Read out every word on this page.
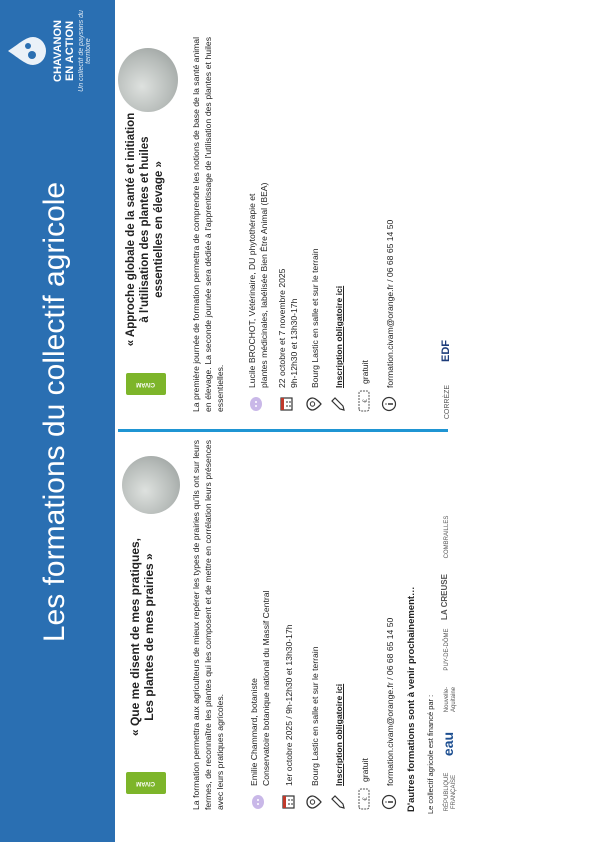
Les formations du collectif agricole
CHAVANON EN ACTION Un collectif de paysans du territoire
CIVAM
« Que me disent de mes pratiques, Les plantes de mes prairies »	La formation permettra aux agriculteurs de mieux repérer les types de prairies qu'ils ont sur leurs fermes, de reconnaître les plantes qui les composent et de mettre en corrélation leurs présences avec leurs pratiques agricoles.	Emilie Chammard, botaniste Conservatoire botanique national du Massif Central 1er octobre 2025 / 9h-12h30 et 13h30-17h Bourg Lastic en salle et sur le terrain Inscription obligatoire ici
€
gratuit formation.civam@orange.fr / 06 68 65 14 50
CIVAM
« Approche globale de la santé et initiation à l'utilisation des plantes et huiles essentielles en élevage »	La première journée de formation permettra de comprendre les notions de base de la santé animal en élevage. La seconde journée sera dédiée à l'apprentissage de l'utilisation des plantes et huiles essentielles.
Lucile BROCHOT, Vétérinaire, DU phytothérapie et plantes médicinales, labélisée Bien Être Animal (BEA) 22 octobre et 7 novembre 2025 9h-12h30 et 13h30-17h Bourg Lastic en salle et sur le terrain Inscription obligatoire ici
€
gratuit formation.civam@orange.fr / 06 68 65 14 50
D'autres formations sont à venir prochainement… Le collectif agricole est financé par : RÉPUBLIQUE FRANÇAISE
eau
Nouvelle-Aquitaine
PUY-DE-DÔME
LA CREUSE
COMBRAILLES
CORRÈZE
EDF
